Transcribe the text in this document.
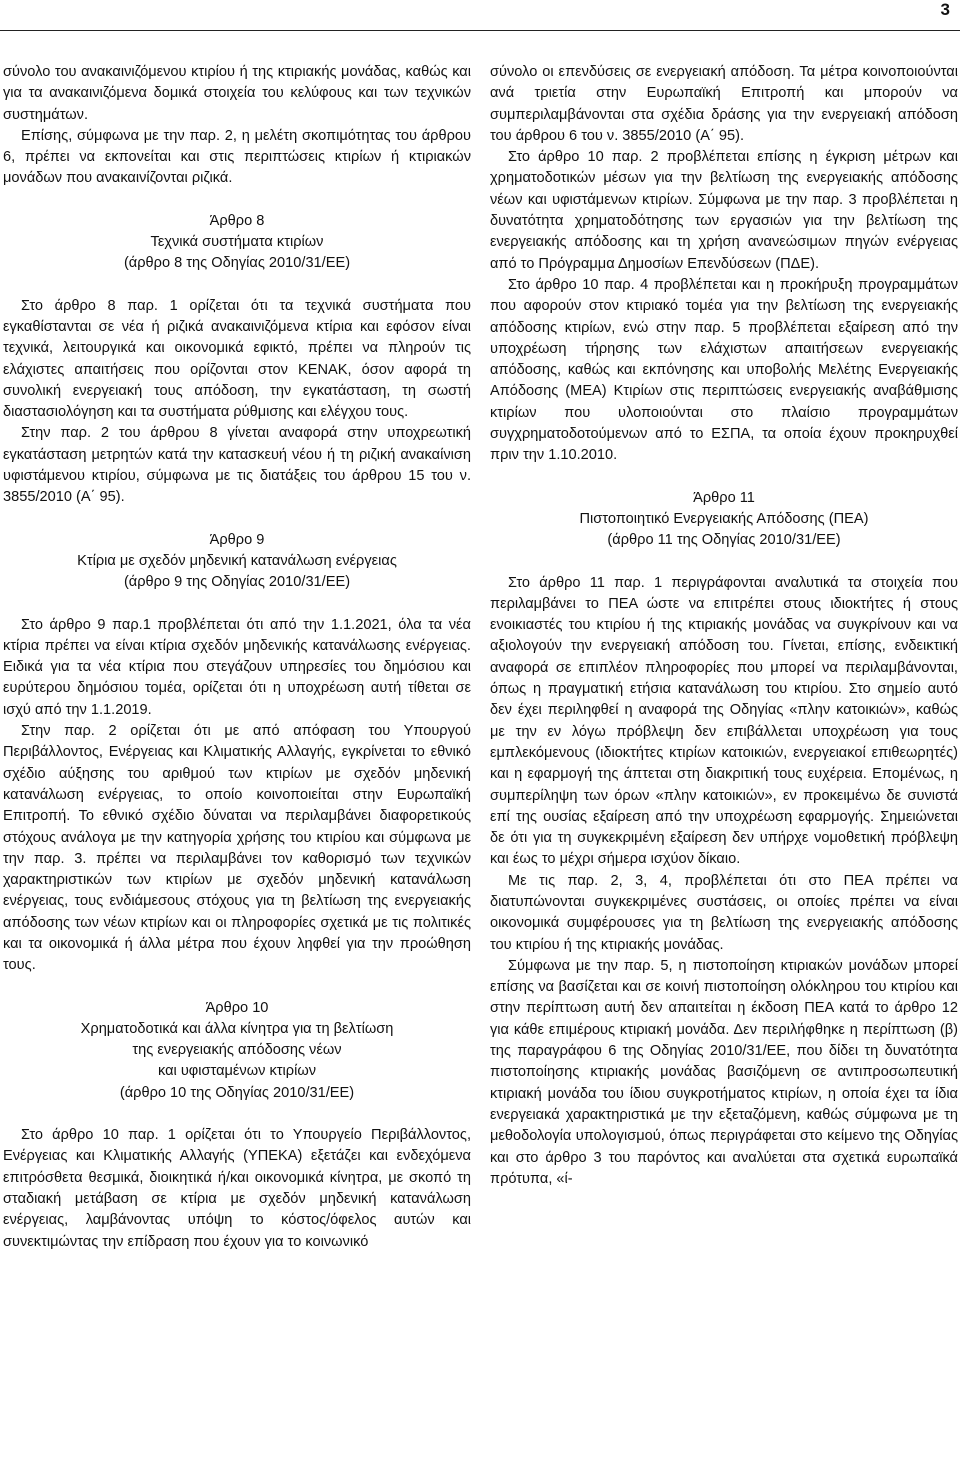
3

σύνολο του ανακαινιζόμενου κτιρίου ή της κτιριακής μονάδας, καθώς και για τα ανακαινιζόμενα δομικά στοιχεία του κελύφους και των τεχνικών συστημάτων.

Επίσης, σύμφωνα με την παρ. 2, η μελέτη σκοπιμότητας του άρθρου 6, πρέπει να εκπονείται και στις περιπτώσεις κτιρίων ή κτιριακών μονάδων που ανακαινίζονται ριζικά.

Άρθρο 8
Τεχνικά συστήματα κτιρίων
(άρθρο 8 της Οδηγίας 2010/31/ΕΕ)

Στο άρθρο 8 παρ. 1 ορίζεται ότι τα τεχνικά συστήματα που εγκαθίστανται σε νέα ή ριζικά ανακαινιζόμενα κτίρια και εφόσον είναι τεχνικά, λειτουργικά και οικονομικά εφικτό, πρέπει να πληρούν τις ελάχιστες απαιτήσεις που ορίζονται στον ΚΕΝΑΚ, όσον αφορά τη συνολική ενεργειακή τους απόδοση, την εγκατάσταση, τη σωστή διαστασιολόγηση και τα συστήματα ρύθμισης και ελέγχου τους.

Στην παρ. 2 του άρθρου 8 γίνεται αναφορά στην υποχρεωτική εγκατάσταση μετρητών κατά την κατασκευή νέου ή τη ριζική ανακαίνιση υφιστάμενου κτιρίου, σύμφωνα με τις διατάξεις του άρθρου 15 του ν. 3855/2010 (Α΄ 95).

Άρθρο 9
Κτίρια με σχεδόν μηδενική κατανάλωση ενέργειας
(άρθρο 9 της Οδηγίας 2010/31/ΕΕ)

Στο άρθρο 9 παρ.1 προβλέπεται ότι από την 1.1.2021, όλα τα νέα κτίρια πρέπει να είναι κτίρια σχεδόν μηδενικής κατανάλωσης ενέργειας. Ειδικά για τα νέα κτίρια που στεγάζουν υπηρεσίες του δημόσιου και ευρύτερου δημόσιου τομέα, ορίζεται ότι η υποχρέωση αυτή τίθεται σε ισχύ από την 1.1.2019.

Στην παρ. 2 ορίζεται ότι με από απόφαση του Υπουργού Περιβάλλοντος, Ενέργειας και Κλιματικής Αλλαγής, εγκρίνεται το εθνικό σχέδιο αύξησης του αριθμού των κτιρίων με σχεδόν μηδενική κατανάλωση ενέργειας, το οποίο κοινοποιείται στην Ευρωπαϊκή Επιτροπή. Το εθνικό σχέδιο δύναται να περιλαμβάνει διαφορετικούς στόχους ανάλογα με την κατηγορία χρήσης του κτιρίου και σύμφωνα με την παρ. 3. πρέπει να περιλαμβάνει τον καθορισμό των τεχνικών χαρακτηριστικών των κτιρίων με σχεδόν μηδενική κατανάλωση ενέργειας, τους ενδιάμεσους στόχους για τη βελτίωση της ενεργειακής απόδοσης των νέων κτιρίων και οι πληροφορίες σχετικά με τις πολιτικές και τα οικονομικά ή άλλα μέτρα που έχουν ληφθεί για την προώθηση τους.

Άρθρο 10
Χρηματοδοτικά και άλλα κίνητρα για τη βελτίωση
της ενεργειακής απόδοσης νέων
και υφισταμένων κτιρίων
(άρθρο 10 της Οδηγίας 2010/31/ΕΕ)

Στο άρθρο 10 παρ. 1 ορίζεται ότι το Υπουργείο Περιβάλλοντος, Ενέργειας και Κλιματικής Αλλαγής (ΥΠΕΚΑ) εξετάζει και ενδεχόμενα επιτρόσθετα θεσμικά, διοικητικά ή/και οικονομικά κίνητρα, με σκοπό τη σταδιακή μετάβαση σε κτίρια με σχεδόν μηδενική κατανάλωση ενέργειας, λαμβάνοντας υπόψη το κόστος/όφελος αυτών και συνεκτιμώντας την επίδραση που έχουν για το κοινωνικό

σύνολο οι επενδύσεις σε ενεργειακή απόδοση. Τα μέτρα κοινοποιούνται ανά τριετία στην Ευρωπαϊκή Επιτροπή και μπορούν να συμπεριλαμβάνονται στα σχέδια δράσης για την ενεργειακή απόδοση του άρθρου 6 του ν. 3855/2010 (Α΄ 95).

Στο άρθρο 10 παρ. 2 προβλέπεται επίσης η έγκριση μέτρων και χρηματοδοτικών μέσων για την βελτίωση της ενεργειακής απόδοσης νέων και υφιστάμενων κτιρίων. Σύμφωνα με την παρ. 3 προβλέπεται η δυνατότητα χρηματοδότησης των εργασιών για την βελτίωση της ενεργειακής απόδοσης και τη χρήση ανανεώσιμων πηγών ενέργειας από το Πρόγραμμα Δημοσίων Επενδύσεων (ΠΔΕ).

Στο άρθρο 10 παρ. 4 προβλέπεται και η προκήρυξη προγραμμάτων που αφορούν στον κτιριακό τομέα για την βελτίωση της ενεργειακής απόδοσης κτιρίων, ενώ στην παρ. 5 προβλέπεται εξαίρεση από την υποχρέωση τήρησης των ελάχιστων απαιτήσεων ενεργειακής απόδοσης, καθώς και εκπόνησης και υποβολής Μελέτης Ενεργειακής Απόδοσης (ΜΕΑ) Κτιρίων στις περιπτώσεις ενεργειακής αναβάθμισης κτιρίων που υλοποιούνται στο πλαίσιο προγραμμάτων συγχρηματοδοτούμενων από το ΕΣΠΑ, τα οποία έχουν προκηρυχθεί πριν την 1.10.2010.

Άρθρο 11
Πιστοποιητικό Ενεργειακής Απόδοσης (ΠΕΑ)
(άρθρο 11 της Οδηγίας 2010/31/ΕΕ)

Στο άρθρο 11 παρ. 1 περιγράφονται αναλυτικά τα στοιχεία που περιλαμβάνει το ΠΕΑ ώστε να επιτρέπει στους ιδιοκτήτες ή στους ενοικιαστές του κτιρίου ή της κτιριακής μονάδας να συγκρίνουν και να αξιολογούν την ενεργειακή απόδοση του. Γίνεται, επίσης, ενδεικτική αναφορά σε επιπλέον πληροφορίες που μπορεί να περιλαμβάνονται, όπως η πραγματική ετήσια κατανάλωση του κτιρίου. Στο σημείο αυτό δεν έχει περιληφθεί η αναφορά της Οδηγίας «πλην κατοικιών», καθώς με την εν λόγω πρόβλεψη δεν επιβάλλεται υποχρέωση για τους εμπλεκόμενους (ιδιοκτήτες κτιρίων κατοικιών, ενεργειακοί επιθεωρητές) και η εφαρμογή της άπτεται στη διακριτική τους ευχέρεια. Επομένως, η συμπερίληψη των όρων «πλην κατοικιών», εν προκειμένω δε συνιστά επί της ουσίας εξαίρεση από την υποχρέωση εφαρμογής. Σημειώνεται δε ότι για τη συγκεκριμένη εξαίρεση δεν υπήρχε νομοθετική πρόβλεψη και έως το μέχρι σήμερα ισχύον δίκαιο.

Με τις παρ. 2, 3, 4, προβλέπεται ότι στο ΠΕΑ πρέπει να διατυπώνονται συγκεκριμένες συστάσεις, οι οποίες πρέπει να είναι οικονομικά συμφέρουσες για τη βελτίωση της ενεργειακής απόδοσης του κτιρίου ή της κτιριακής μονάδας.

Σύμφωνα με την παρ. 5, η πιστοποίηση κτιριακών μονάδων μπορεί επίσης να βασίζεται και σε κοινή πιστοποίηση ολόκληρου του κτιρίου και στην περίπτωση αυτή δεν απαιτείται η έκδοση ΠΕΑ κατά το άρθρο 12 για κάθε επιμέρους κτιριακή μονάδα. Δεν περιλήφθηκε η περίπτωση (β) της παραγράφου 6 της Οδηγίας 2010/31/ΕΕ, που δίδει τη δυνατότητα πιστοποίησης κτιριακής μονάδας βασιζόμενη σε αντιπροσωπευτική κτιριακή μονάδα του ίδιου συγκροτήματος κτιρίων, η οποία έχει τα ίδια ενεργειακά χαρακτηριστικά με την εξεταζόμενη, καθώς σύμφωνα με τη μεθοδολογία υπολογισμού, όπως περιγράφεται στο κείμενο της Οδηγίας και στο άρθρο 3 του παρόντος και αναλύεται στα σχετικά ευρωπαϊκά πρότυπα, «ί-
